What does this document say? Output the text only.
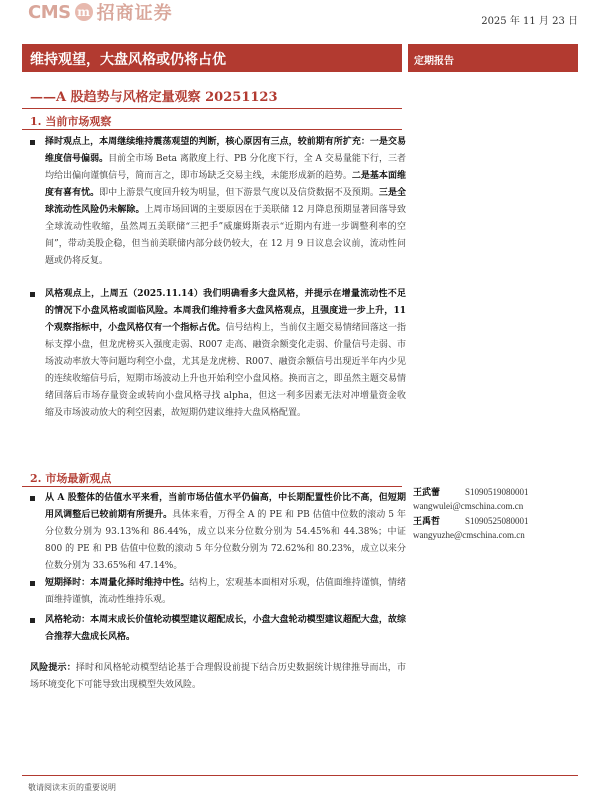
CMS m 招商证券	2025 年 11 月 23 日
维持观望，大盘风格或仍将占优	定期报告
——A 股趋势与风格定量观察 20251123
1. 当前市场观察
择时观点上，本周继续维持震荡观望的判断，核心原因有三点，较前期有所扩充：一是交易维度信号偏弱。目前全市场 Beta 离散度上行、PB 分化度下行，全 A 交易量能下行，三者均给出偏向谨慎信号，简而言之，即市场缺乏交易主线，未能形成新的趋势。二是基本面维度有喜有忧。即中上游景气度回升较为明显，但下游景气度以及信贷数据不及预期。三是全球流动性风险仍未解除。上周市场回调的主要原因在于美联储 12 月降息预期显著回落导致全球流动性收缩，虽然周五美联储“三把手”威廉姆斯表示“近期内有进一步调整利率的空间”，带动美股企稳，但当前美联储内部分歧仍较大，在 12 月 9 日议息会议前，流动性问题或仍将反复。
风格观点上，上周五（2025.11.14）我们明确看多大盘风格，并提示在增量流动性不足的情况下小盘风格或面临风险。本周我们维持看多大盘风格观点，且强度进一步上升，11 个观察指标中，小盘风格仅有一个指标占优。信号结构上，当前仅主题交易情绪回落这一指标支撑小盘，但龙虎榜买入强度走弱、R007 走高、融资余额变化走弱、价量信号走弱、市场波动率放大等问题均利空小盘，尤其是龙虎榜、R007、融资余额信号出现近半年内少见的连续收缩信号后，短期市场波动上升也开始利空小盘风格。换而言之，即虽然主题交易情绪回落后市场存量资金或转向小盘风格寻找 alpha，但这一利多因素无法对冲增量资金收缩及市场波动放大的利空因素，故短期仍建议维持大盘风格配置。
2. 市场最新观点
从 A 股整体的估值水平来看，当前市场估值水平仍偏高，中长期配置性价比不高，但短期用风调整后已较前期有所提升。具体来看，万得全 A 的 PE 和 PB 估值中位数的滚动 5 年分位数分别为 93.13%和 86.44%，成立以来分位数分别为 54.45%和 44.38%；中证 800 的 PE 和 PB 估值中位数的滚动 5 年分位数分别为 72.62%和 80.23%，成立以来分位数分别为 33.65%和 47.14%。
短期择时：本周量化择时维持中性。结构上，宏观基本面相对乐观，估值面维持谨慎，情绪面维持谨慎，流动性维持乐观。
风格轮动：本周末成长价值轮动模型建议超配成长，小盘大盘轮动模型建议超配大盘，故综合推荐大盘成长风格。
风险提示：择时和风格轮动模型结论基于合理假设前提下结合历史数据统计规律推导而出，市场环境变化下可能导致出现模型失效风险。
王武蕾	S1090519080001
wangwulei@cmschina.com.cn
王禹哲	S1090525080001
wangyuzhe@cmschina.com.cn
敬请阅读末页的重要说明
